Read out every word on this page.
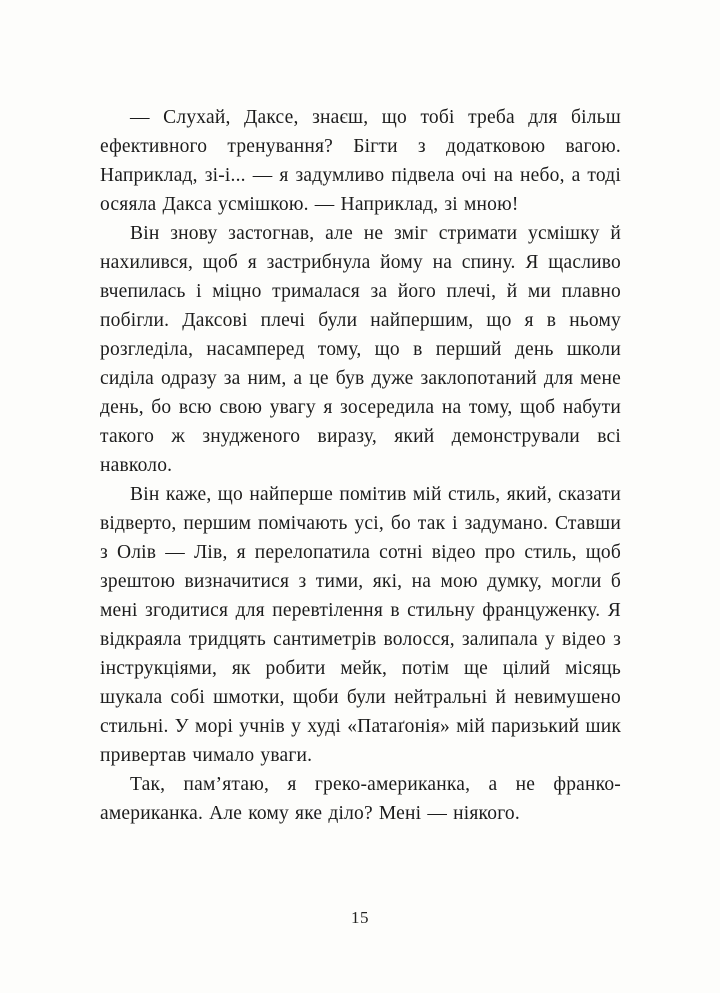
— Слухай, Даксе, знаєш, що тобі треба для більш ефективного тренування? Бігти з додатковою вагою. Наприклад, зі-і... — я задумливо підвела очі на небо, а тоді осяяла Дакса усмішкою. — Наприклад, зі мною!

Він знову застогнав, але не зміг стримати усмішку й нахилився, щоб я застрибнула йому на спину. Я щасливо вчепилась і міцно трималася за його плечі, й ми плавно побігли. Даксові плечі були найпершим, що я в ньому розгледіла, насамперед тому, що в перший день школи сиділа одразу за ним, а це був дуже заклопотаний для мене день, бо всю свою увагу я зосередила на тому, щоб набути такого ж знудженого виразу, який демонстрували всі навколо.

Він каже, що найперше помітив мій стиль, який, сказати відверто, першим помічають усі, бо так і задумано. Ставши з Олів — Лів, я перелопатила сотні відео про стиль, щоб зрештою визначитися з тими, які, на мою думку, могли б мені згодитися для перевтілення в стильну француженку. Я відкраяла тридцять сантиметрів волосся, залипала у відео з інструкціями, як робити мейк, потім ще цілий місяць шукала собі шмотки, щоби були нейтральні й невимушено стильні. У морі учнів у худі «Патаґонія» мій паризький шик привертав чимало уваги.

Так, пам’ятаю, я греко-американка, а не франко-американка. Але кому яке діло? Мені — ніякого.

15
